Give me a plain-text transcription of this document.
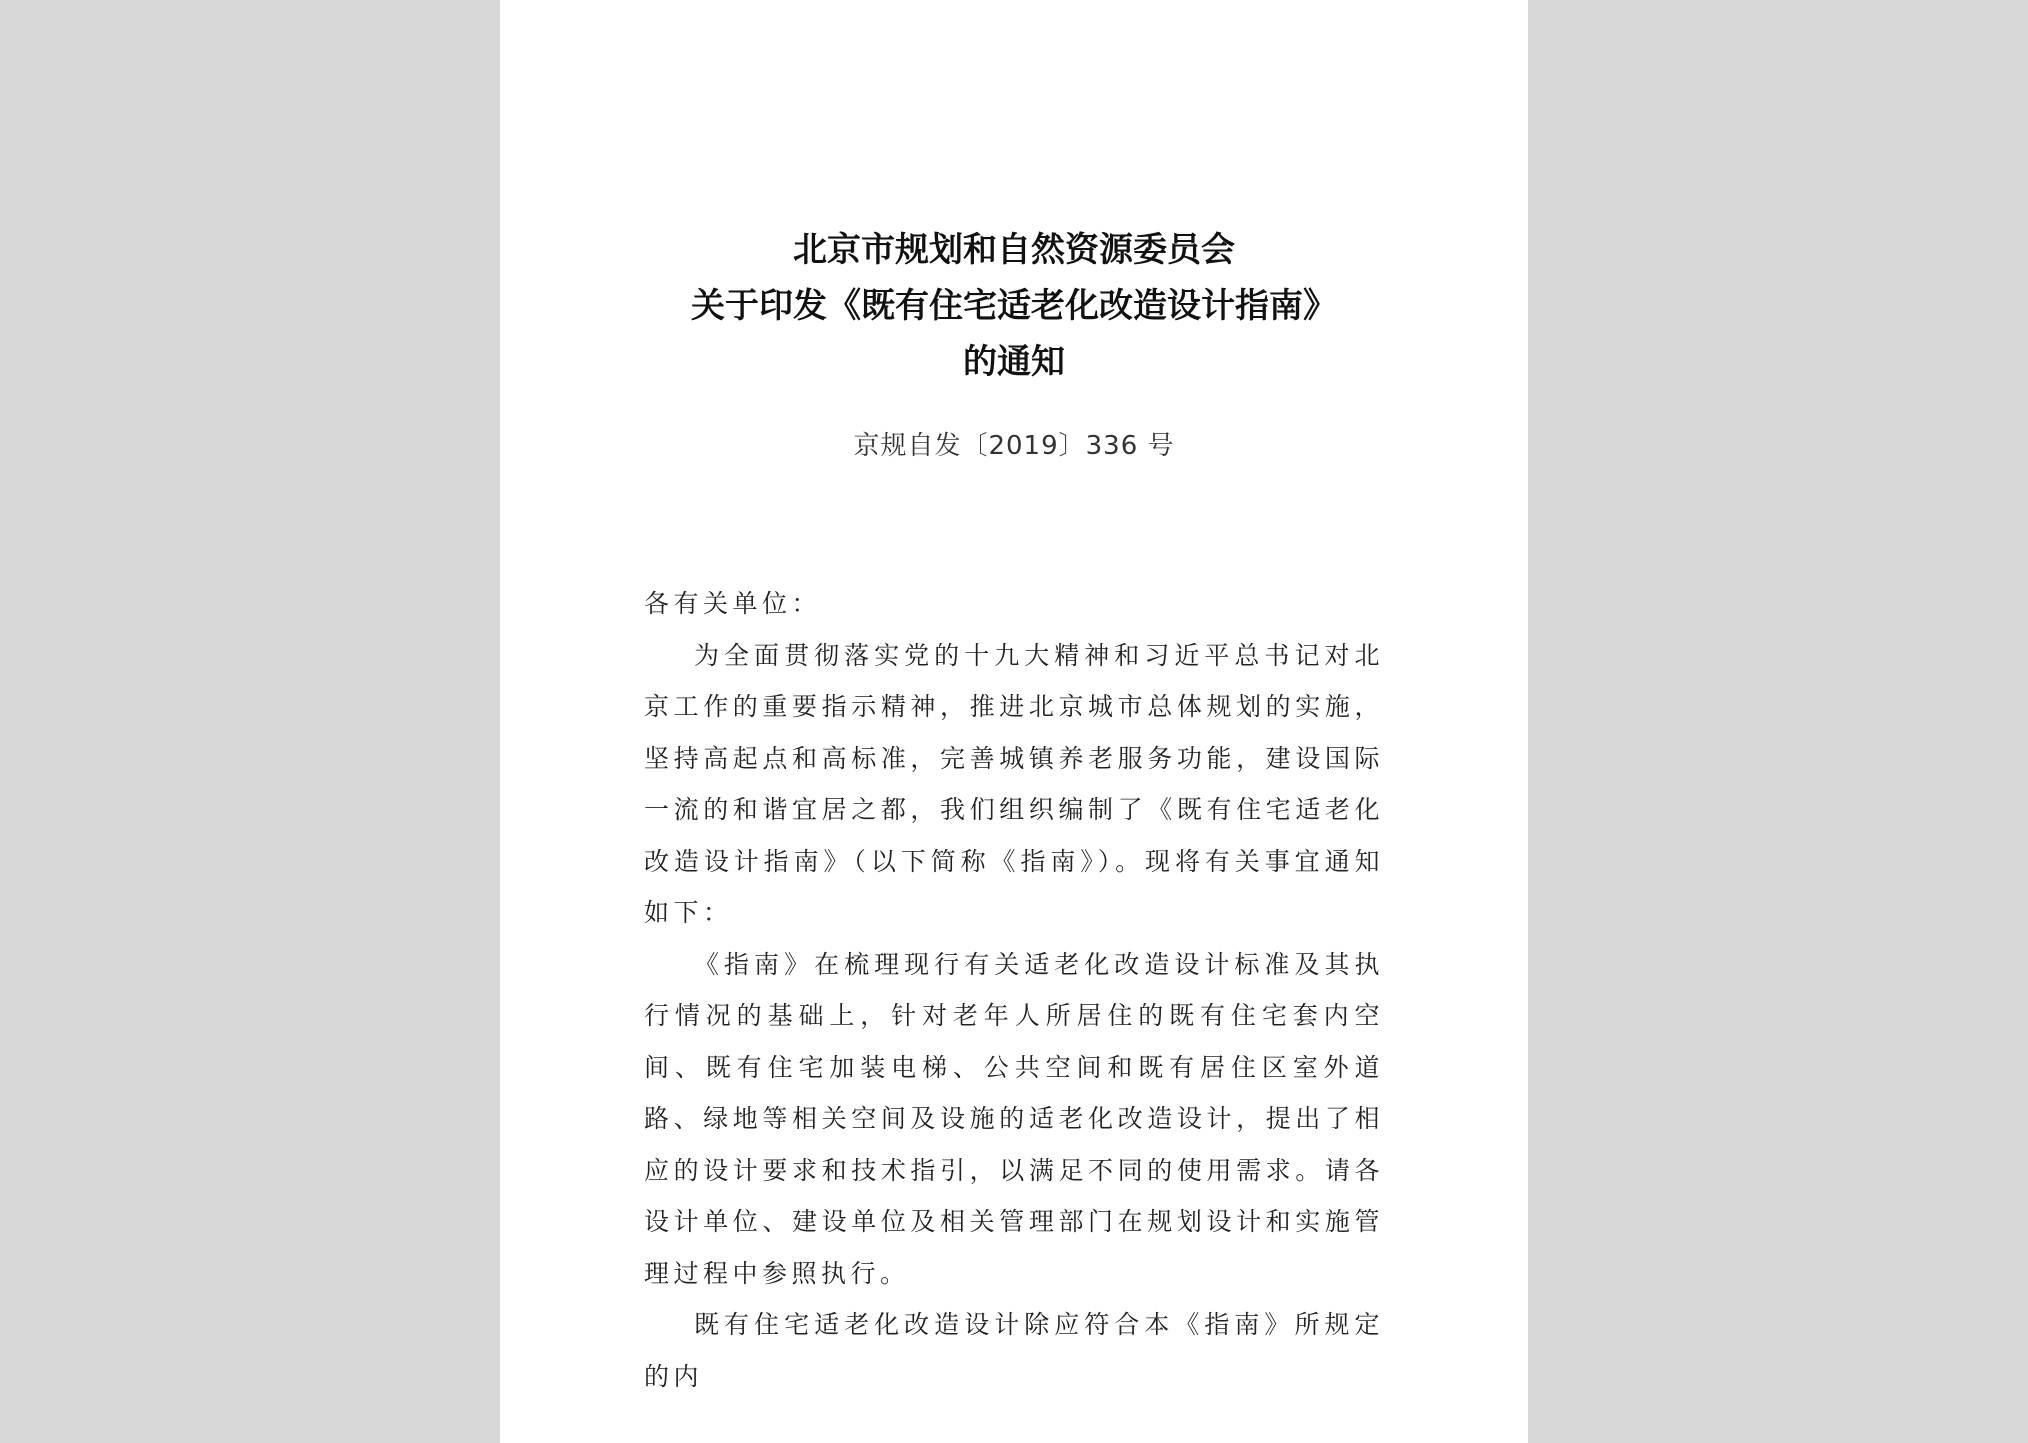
北京市规划和自然资源委员会
关于印发《既有住宅适老化改造设计指南》
的通知
京规自发〔2019〕336 号

各有关单位：

为全面贯彻落实党的十九大精神和习近平总书记对北京工作的重要指示精神，推进北京城市总体规划的实施，坚持高起点和高标准，完善城镇养老服务功能，建设国际一流的和谐宜居之都，我们组织编制了《既有住宅适老化改造设计指南》（以下简称《指南》）。现将有关事宜通知如下：

《指南》在梳理现行有关适老化改造设计标准及其执行情况的基础上，针对老年人所居住的既有住宅套内空间、既有住宅加装电梯、公共空间和既有居住区室外道路、绿地等相关空间及设施的适老化改造设计，提出了相应的设计要求和技术指引，以满足不同的使用需求。请各设计单位、建设单位及相关管理部门在规划设计和实施管理过程中参照执行。

既有住宅适老化改造设计除应符合本《指南》所规定的内
